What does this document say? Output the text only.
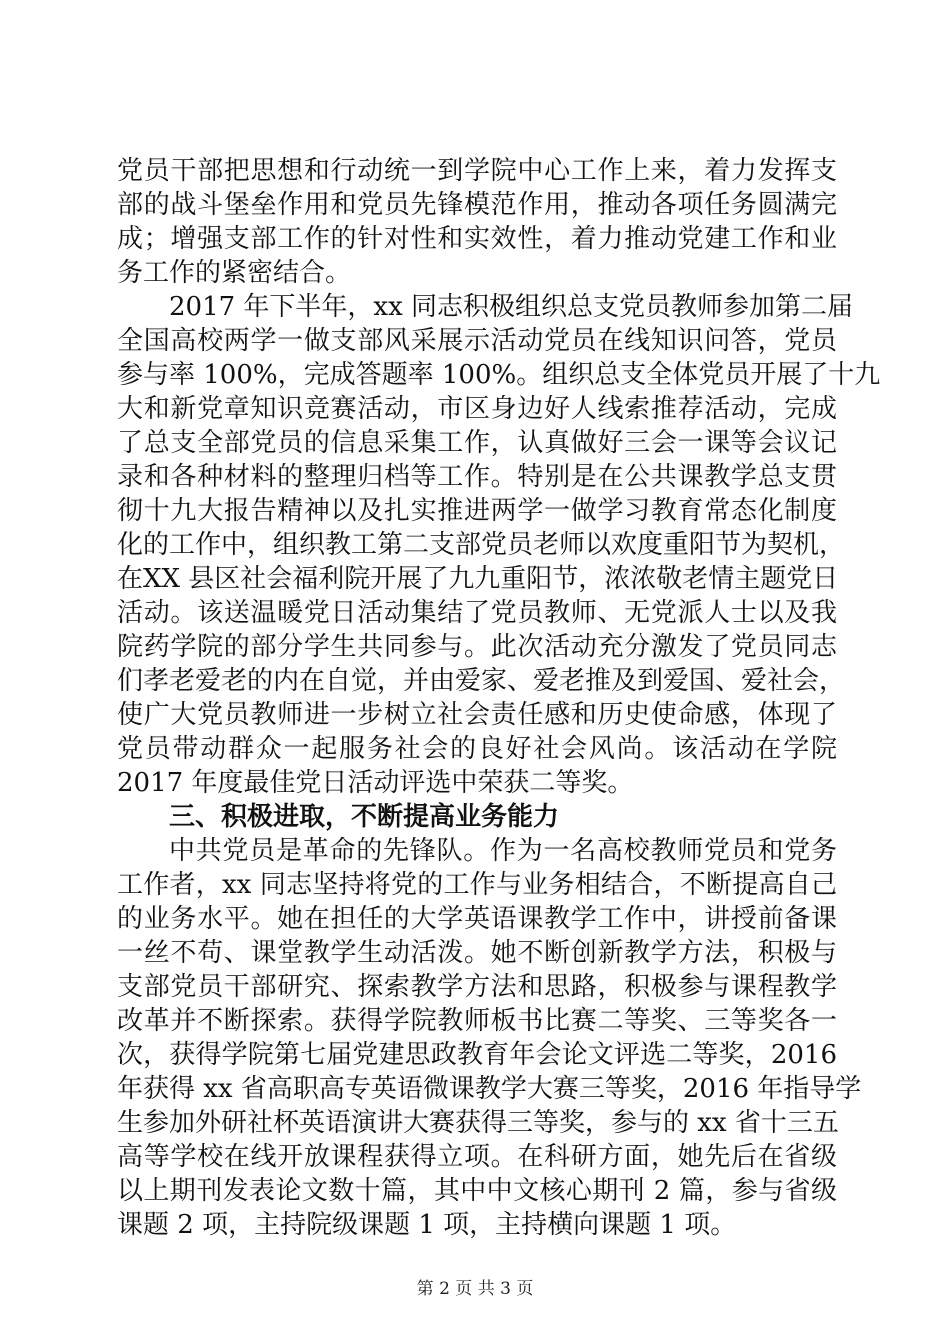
党员干部把思想和行动统一到学院中心工作上来，着力发挥支
部的战斗堡垒作用和党员先锋模范作用，推动各项任务圆满完
成；增强支部工作的针对性和实效性，着力推动党建工作和业
务工作的紧密结合。
2017 年下半年，xx 同志积极组织总支党员教师参加第二届
全国高校两学一做支部风采展示活动党员在线知识问答，党员
参与率 100%，完成答题率 100%。组织总支全体党员开展了十九
大和新党章知识竞赛活动，市区身边好人线索推荐活动，完成
了总支全部党员的信息采集工作，认真做好三会一课等会议记
录和各种材料的整理归档等工作。特别是在公共课教学总支贯
彻十九大报告精神以及扎实推进两学一做学习教育常态化制度
化的工作中，组织教工第二支部党员老师以欢度重阳节为契机，
在XX 县区社会福利院开展了九九重阳节，浓浓敬老情主题党日
活动。该送温暖党日活动集结了党员教师、无党派人士以及我
院药学院的部分学生共同参与。此次活动充分激发了党员同志
们孝老爱老的内在自觉，并由爱家、爱老推及到爱国、爱社会，
使广大党员教师进一步树立社会责任感和历史使命感，体现了
党员带动群众一起服务社会的良好社会风尚。该活动在学院
2017 年度最佳党日活动评选中荣获二等奖。
三、积极进取，不断提高业务能力
中共党员是革命的先锋队。作为一名高校教师党员和党务
工作者，xx 同志坚持将党的工作与业务相结合，不断提高自己
的业务水平。她在担任的大学英语课教学工作中，讲授前备课
一丝不苟、课堂教学生动活泼。她不断创新教学方法，积极与
支部党员干部研究、探索教学方法和思路，积极参与课程教学
改革并不断探索。获得学院教师板书比赛二等奖、三等奖各一
次，获得学院第七届党建思政教育年会论文评选二等奖，2016
年获得 xx 省高职高专英语微课教学大赛三等奖，2016 年指导学
生参加外研社杯英语演讲大赛获得三等奖，参与的 xx 省十三五
高等学校在线开放课程获得立项。在科研方面，她先后在省级
以上期刊发表论文数十篇，其中中文核心期刊 2 篇，参与省级
课题 2 项，主持院级课题 1 项，主持横向课题 1 项。
第 2 页 共 3 页
